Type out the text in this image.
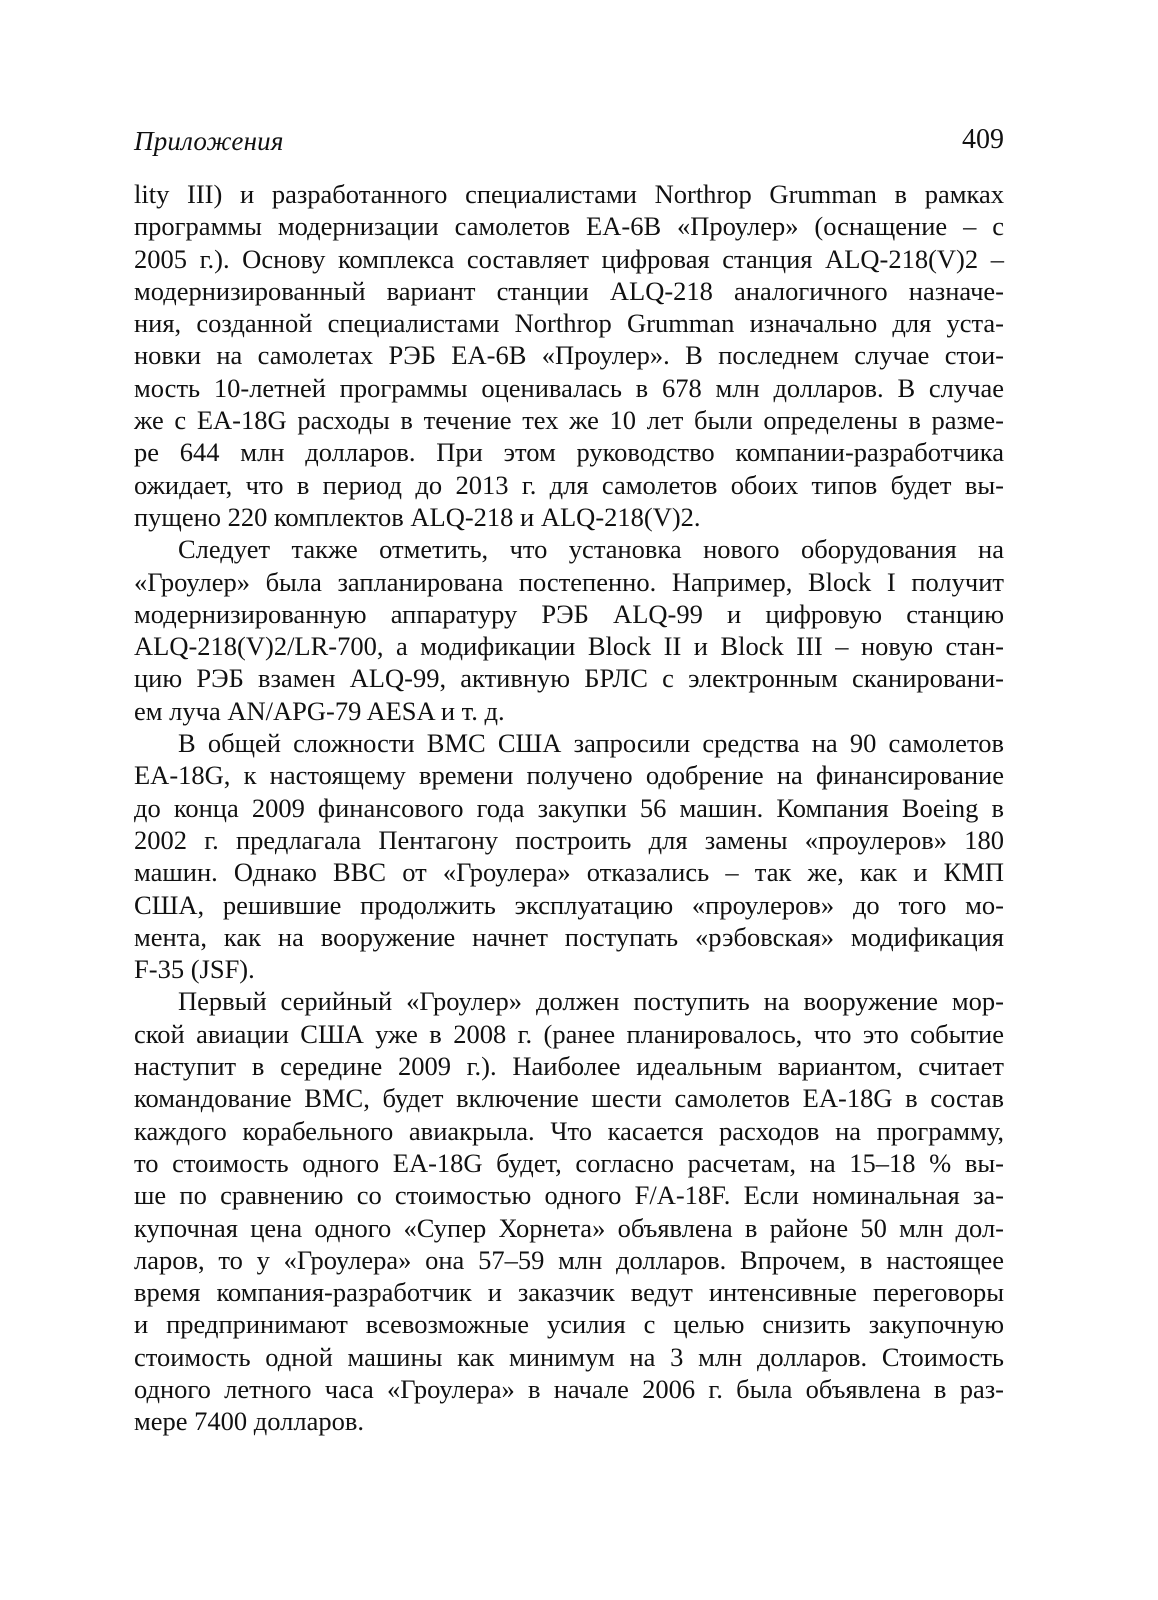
Приложения	409
lity III) и разработанного специалистами Northrop Grumman в рамках
программы модернизации самолетов EA-6B «Проулер» (оснащение – с
2005 г.). Основу комплекса составляет цифровая станция ALQ-218(V)2 –
модернизированный вариант станции ALQ-218 аналогичного назначе-
ния, созданной специалистами Northrop Grumman изначально для уста-
новки на самолетах РЭБ EA-6B «Проулер». В последнем случае стои-
мость 10-летней программы оценивалась в 678 млн долларов. В случае
же с EA-18G расходы в течение тех же 10 лет были определены в разме-
ре 644 млн долларов. При этом руководство компании-разработчика
ожидает, что в период до 2013 г. для самолетов обоих типов будет вы-
пущено 220 комплектов ALQ-218 и ALQ-218(V)2.
Следует также отметить, что установка нового оборудования на
«Гроулер» была запланирована постепенно. Например, Block I получит
модернизированную аппаратуру РЭБ ALQ-99 и цифровую станцию
ALQ-218(V)2/LR-700, а модификации Block II и Block III – новую стан-
цию РЭБ взамен ALQ-99, активную БРЛС с электронным сканировани-
ем луча AN/APG-79 AESA и т. д.
В общей сложности ВМС США запросили средства на 90 самолетов
EA-18G, к настоящему времени получено одобрение на финансирование
до конца 2009 финансового года закупки 56 машин. Компания Boeing в
2002 г. предлагала Пентагону построить для замены «проулеров» 180
машин. Однако ВВС от «Гроулера» отказались – так же, как и КМП
США, решившие продолжить эксплуатацию «проулеров» до того мо-
мента, как на вооружение начнет поступать «рэбовская» модификация
F-35 (JSF).
Первый серийный «Гроулер» должен поступить на вооружение мор-
ской авиации США уже в 2008 г. (ранее планировалось, что это событие
наступит в середине 2009 г.). Наиболее идеальным вариантом, считает
командование ВМС, будет включение шести самолетов EA-18G в состав
каждого корабельного авиакрыла. Что касается расходов на программу,
то стоимость одного EA-18G будет, согласно расчетам, на 15–18 % вы-
ше по сравнению со стоимостью одного F/A-18F. Если номинальная за-
купочная цена одного «Супер Хорнета» объявлена в районе 50 млн дол-
ларов, то у «Гроулера» она 57–59 млн долларов. Впрочем, в настоящее
время компания-разработчик и заказчик ведут интенсивные переговоры
и предпринимают всевозможные усилия с целью снизить закупочную
стоимость одной машины как минимум на 3 млн долларов. Стоимость
одного летного часа «Гроулера» в начале 2006 г. была объявлена в раз-
мере 7400 долларов.
